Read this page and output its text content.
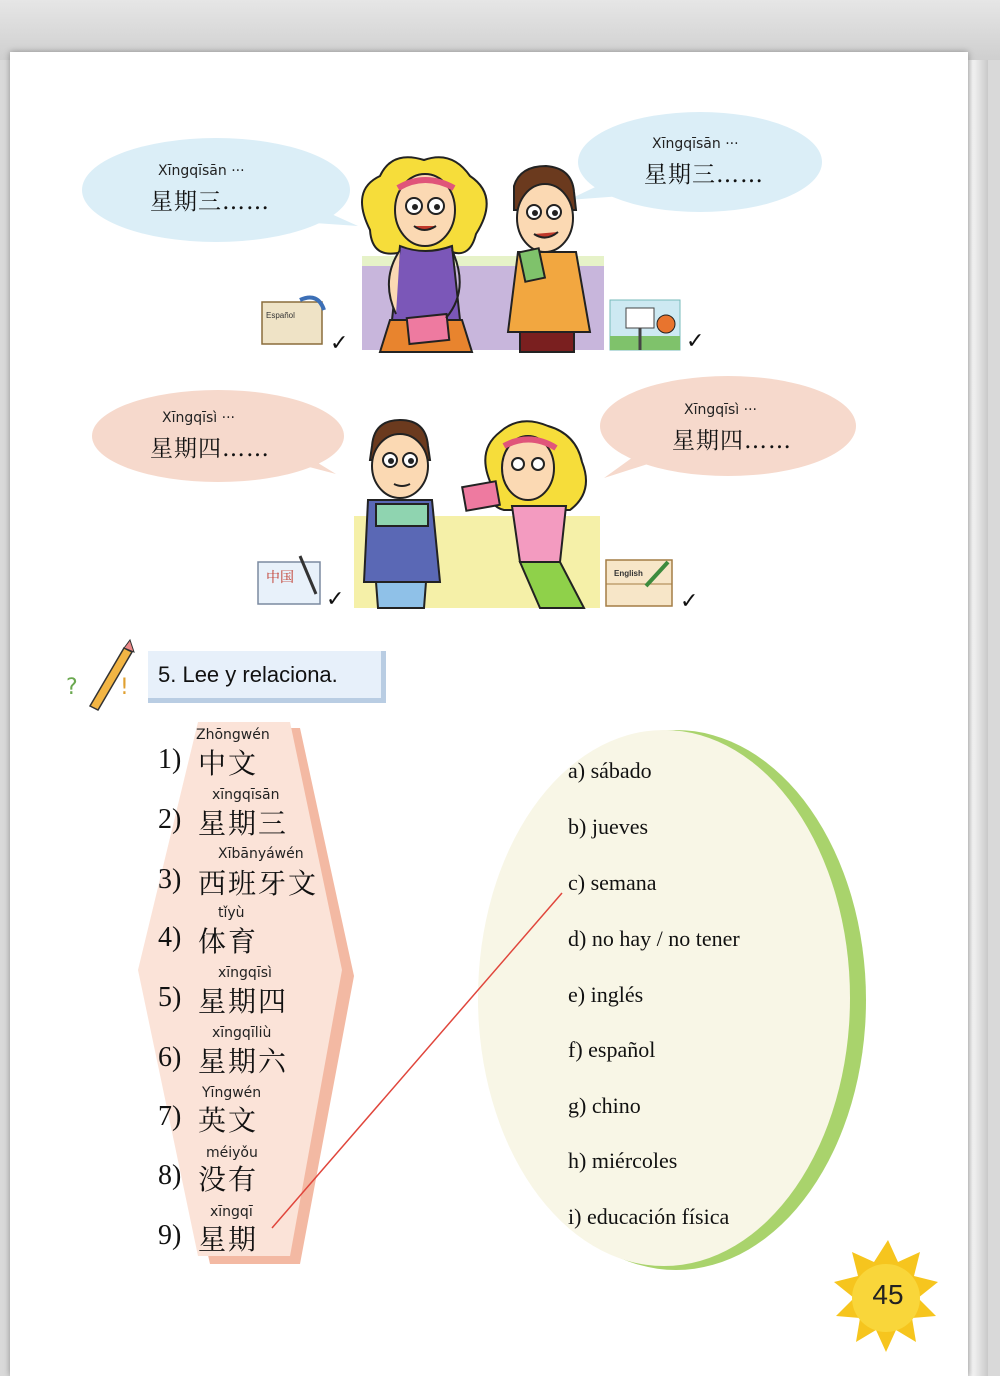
Español
✓	✓
中国
✓
English
✓
? !
Xīngqīsān ···
星期三……
Xīngqīsān ···
星期三……
Xīngqīsì ···
星期四……
Xīngqīsì ···
星期四……
5. Lee y relaciona.
Zhōngwén
1) 中文
xīngqīsān
2) 星期三
Xībānyáwén
3) 西班牙文
tǐyù
4) 体育
xīngqīsì
5) 星期四
xīngqīliù
6) 星期六
Yīngwén
7) 英文
méiyǒu
8) 没有
xīngqī
9) 星期
a) sábado
b) jueves
c) semana
d) no hay / no tener
e) inglés
f) español
g) chino
h) miércoles
i) educación física
45
